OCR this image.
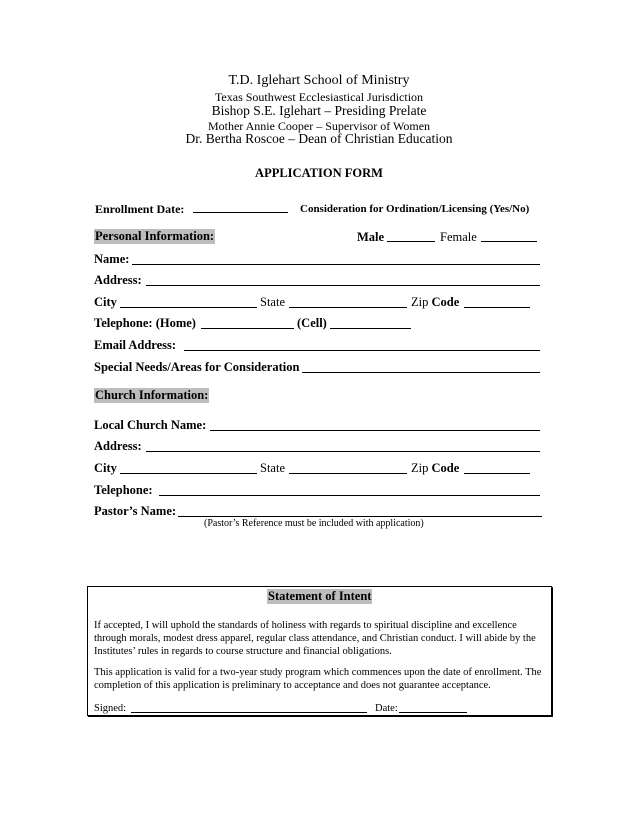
T.D. Iglehart School of Ministry
Texas Southwest Ecclesiastical Jurisdiction
Bishop S.E. Iglehart – Presiding Prelate
Mother Annie Cooper – Supervisor of Women
Dr. Bertha Roscoe – Dean of Christian Education
APPLICATION FORM
Enrollment Date:	Consideration for Ordination/Licensing (Yes/No)
Personal Information:	Male	Female
Name:
Address:
City	State	Zip Code
Telephone: (Home)	(Cell)
Email Address:
Special Needs/Areas for Consideration
Church Information:
Local Church Name:
Address:
City	State	Zip Code
Telephone:
Pastor’s Name:
(Pastor’s Reference must be included with application)
Statement of Intent
If accepted, I will uphold the standards of holiness with regards to spiritual discipline and excellence
through morals, modest dress apparel, regular class attendance, and Christian conduct. I will abide by the
Institutes’ rules in regards to course structure and financial obligations.
This application is valid for a two-year study program which commences upon the date of enrollment. The
completion of this application is preliminary to acceptance and does not guarantee acceptance.
Signed:	Date:
